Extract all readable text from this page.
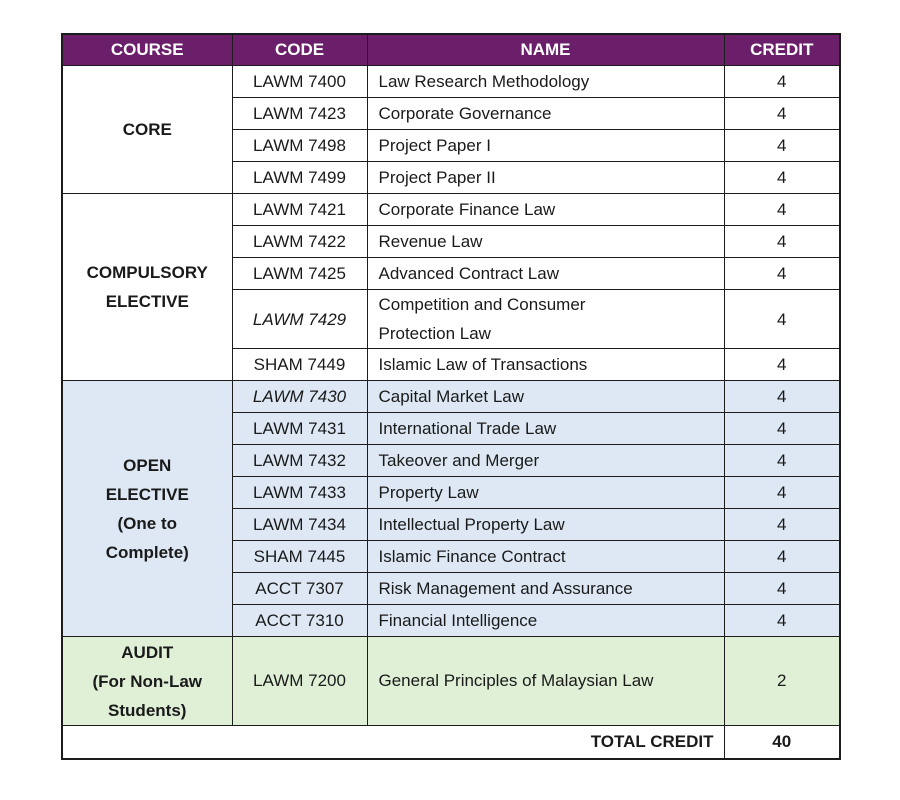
COURSE	CODE	NAME	CREDIT
CORE	LAWM 7400	Law Research Methodology	4
	LAWM 7423	Corporate Governance	4
	LAWM 7498	Project Paper I	4
	LAWM 7499	Project Paper II	4

COMPULSORY
ELECTIVE	LAWM 7421	Corporate Finance Law	4
	LAWM 7422	Revenue Law	4
	LAWM 7425	Advanced Contract Law	4
	LAWM 7429	Competition and Consumer
Protection Law	4
	SHAM 7449	Islamic Law of Transactions	4

OPEN
ELECTIVE
(One to
Complete)	LAWM 7430	Capital Market Law	4
	LAWM 7431	International Trade Law	4
	LAWM 7432	Takeover and Merger	4
	LAWM 7433	Property Law	4
	LAWM 7434	Intellectual Property Law	4
	SHAM 7445	Islamic Finance Contract	4
	ACCT 7307	Risk Management and Assurance	4
	ACCT 7310	Financial Intelligence	4

AUDIT
(For Non-Law
Students)	LAWM 7200	General Principles of Malaysian Law	2
TOTAL CREDIT			40
